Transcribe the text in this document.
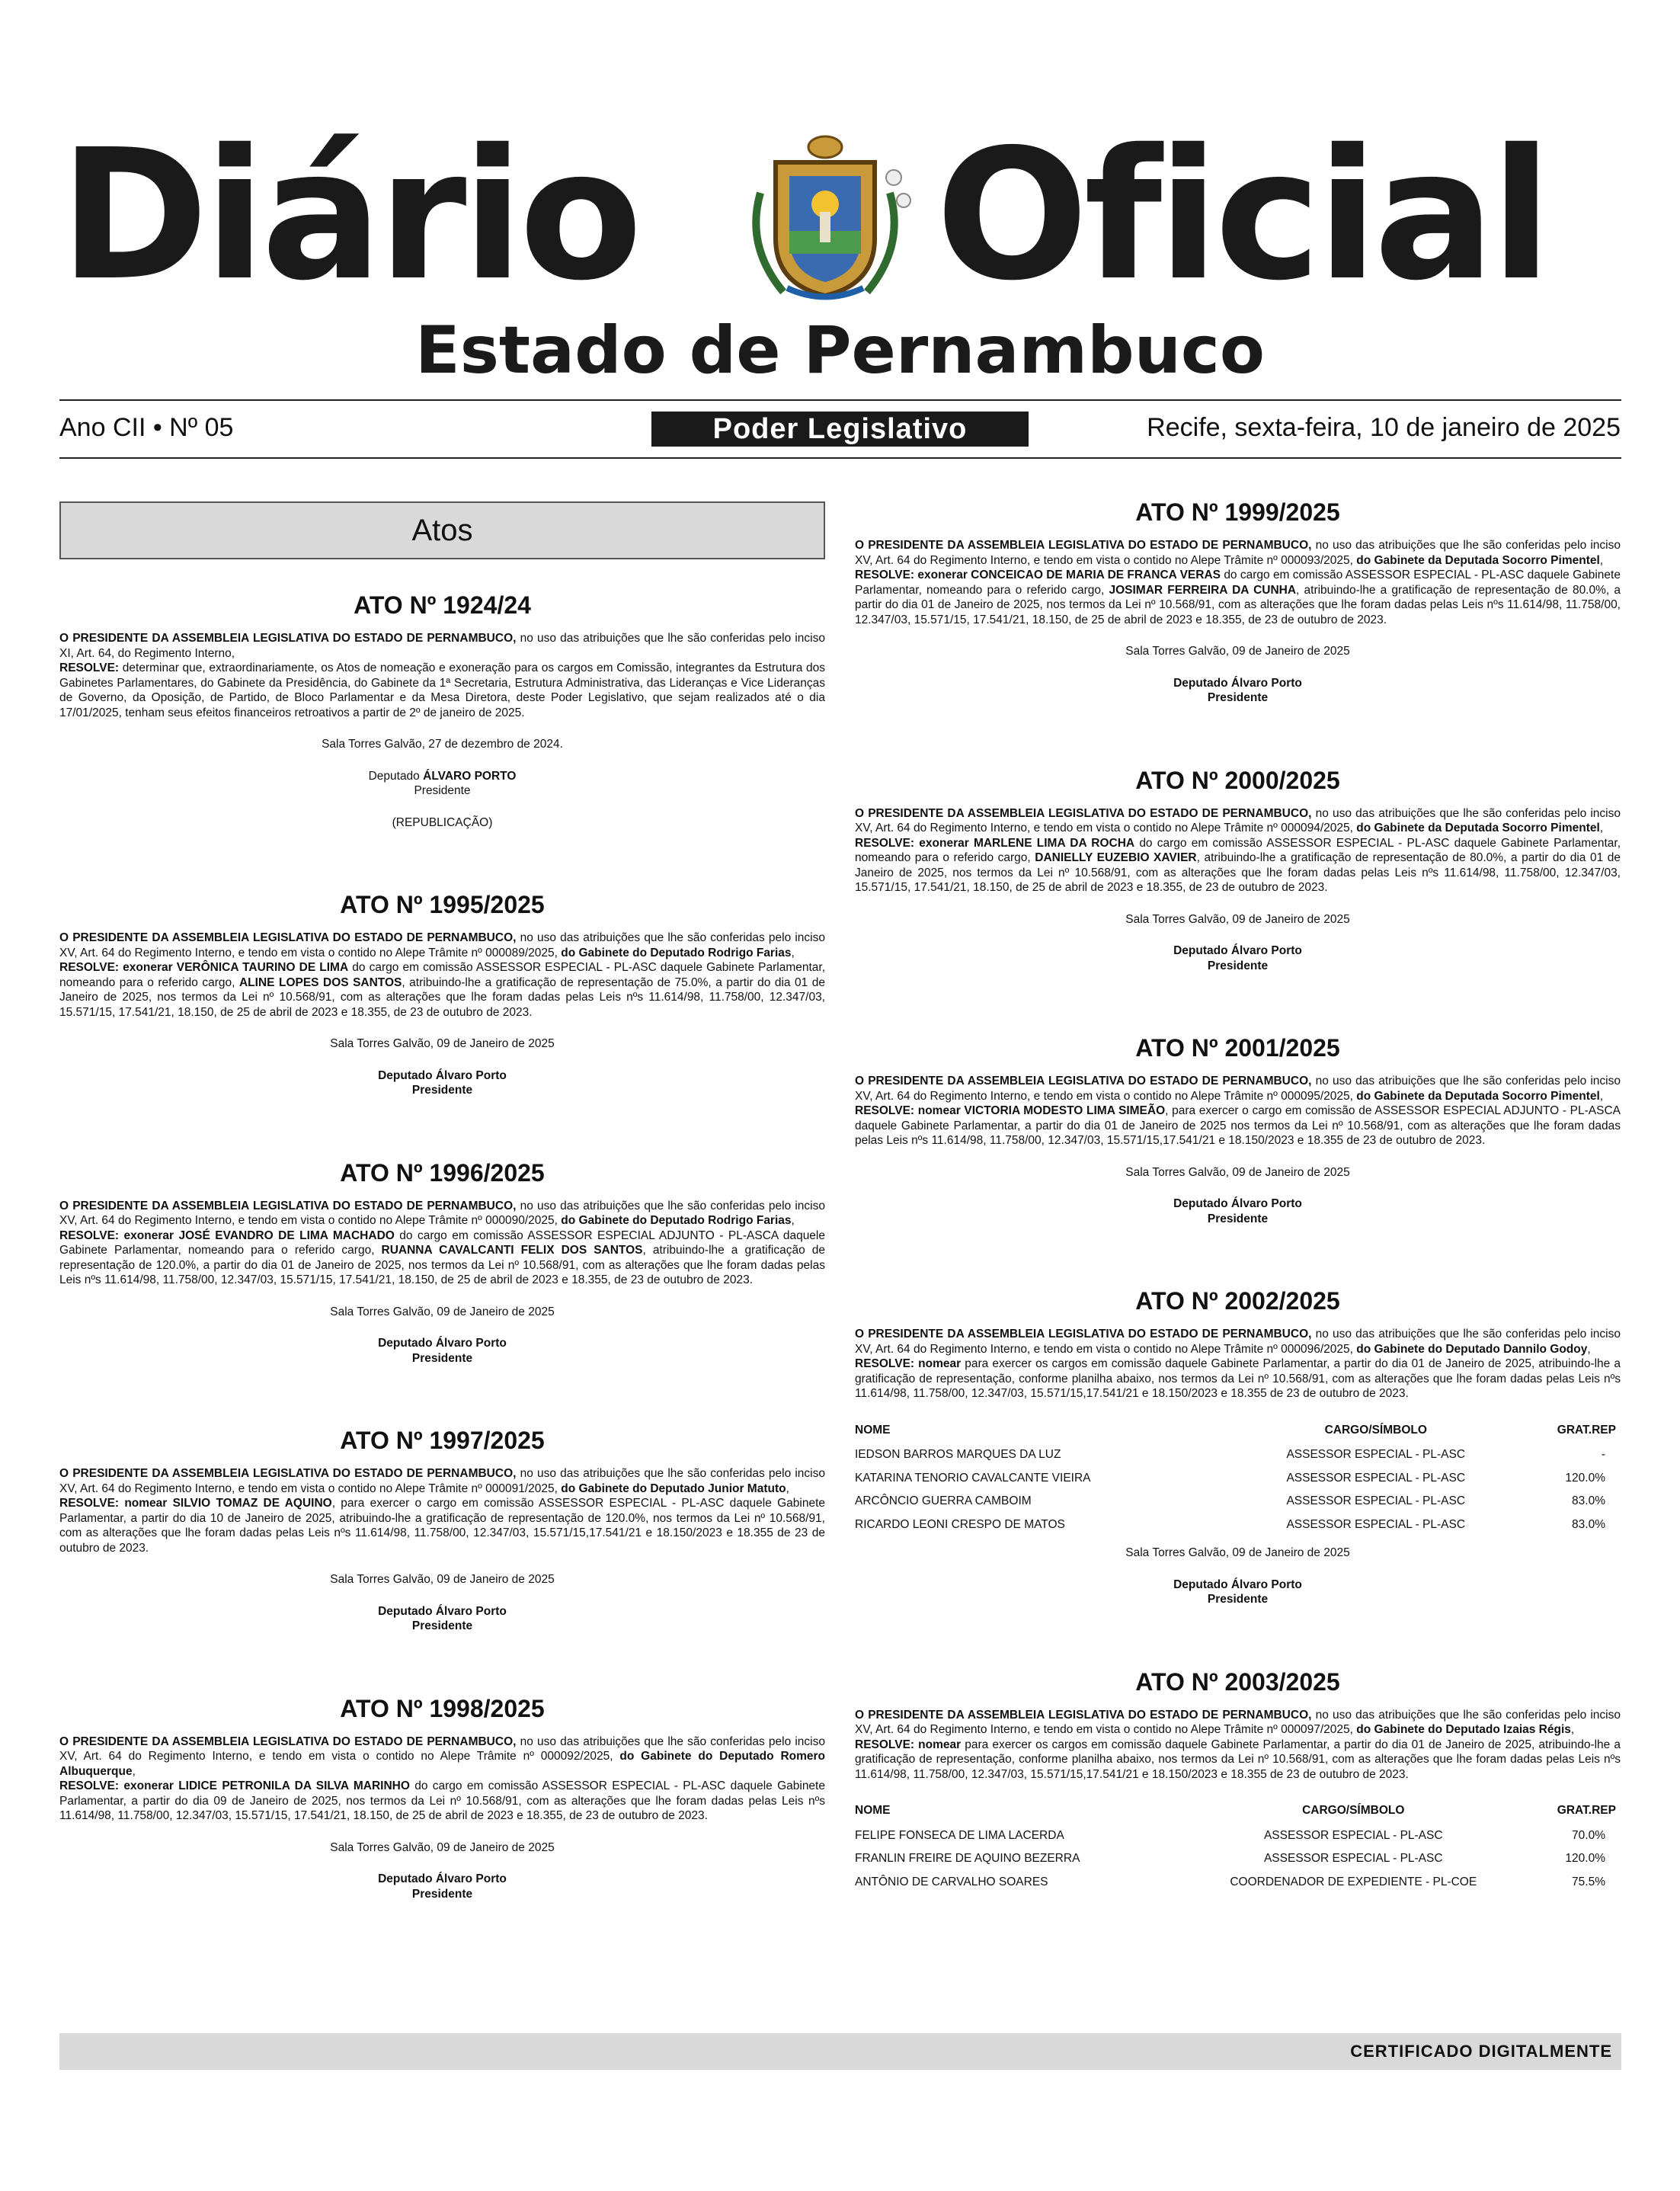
Diário Oficial
Estado de Pernambuco
Ano CII • Nº 05	Poder Legislativo	Recife, sexta-feira, 10 de janeiro de 2025
Atos
ATO Nº 1924/24

O PRESIDENTE DA ASSEMBLEIA LEGISLATIVA DO ESTADO DE PERNAMBUCO, no uso das atribuições que lhe são conferidas pelo inciso XI, Art. 64, do Regimento Interno,
RESOLVE: determinar que, extraordinariamente, os Atos de nomeação e exoneração para os cargos em Comissão, integrantes da Estrutura dos Gabinetes Parlamentares, do Gabinete da Presidência, do Gabinete da 1ª Secretaria, Estrutura Administrativa, das Lideranças e Vice Lideranças de Governo, da Oposição, de Partido, de Bloco Parlamentar e da Mesa Diretora, deste Poder Legislativo, que sejam realizados até o dia 17/01/2025, tenham seus efeitos financeiros retroativos a partir de 2º de janeiro de 2025.

Sala Torres Galvão, 27 de dezembro de 2024.

Deputado ÁLVARO PORTO
Presidente

(REPUBLICAÇÃO)

ATO Nº 1995/2025

O PRESIDENTE DA ASSEMBLEIA LEGISLATIVA DO ESTADO DE PERNAMBUCO, no uso das atribuições que lhe são conferidas pelo inciso XV, Art. 64 do Regimento Interno, e tendo em vista o contido no Alepe Trâmite nº 000089/2025, do Gabinete do Deputado Rodrigo Farias,
RESOLVE: exonerar VERÔNICA TAURINO DE LIMA do cargo em comissão ASSESSOR ESPECIAL - PL-ASC daquele Gabinete Parlamentar, nomeando para o referido cargo, ALINE LOPES DOS SANTOS, atribuindo-lhe a gratificação de representação de 75.0%, a partir do dia 01 de Janeiro de 2025, nos termos da Lei nº 10.568/91, com as alterações que lhe foram dadas pelas Leis nºs 11.614/98, 11.758/00, 12.347/03, 15.571/15, 17.541/21, 18.150, de 25 de abril de 2023 e 18.355, de 23 de outubro de 2023.

Sala Torres Galvão, 09 de Janeiro de 2025

Deputado Álvaro Porto
Presidente

ATO Nº 1996/2025

O PRESIDENTE DA ASSEMBLEIA LEGISLATIVA DO ESTADO DE PERNAMBUCO, no uso das atribuições que lhe são conferidas pelo inciso XV, Art. 64 do Regimento Interno, e tendo em vista o contido no Alepe Trâmite nº 000090/2025, do Gabinete do Deputado Rodrigo Farias,
RESOLVE: exonerar JOSÉ EVANDRO DE LIMA MACHADO do cargo em comissão ASSESSOR ESPECIAL ADJUNTO - PL-ASCA daquele Gabinete Parlamentar, nomeando para o referido cargo, RUANNA CAVALCANTI FELIX DOS SANTOS, atribuindo-lhe a gratificação de representação de 120.0%, a partir do dia 01 de Janeiro de 2025, nos termos da Lei nº 10.568/91, com as alterações que lhe foram dadas pelas Leis nºs 11.614/98, 11.758/00, 12.347/03, 15.571/15, 17.541/21, 18.150, de 25 de abril de 2023 e 18.355, de 23 de outubro de 2023.

Sala Torres Galvão, 09 de Janeiro de 2025

Deputado Álvaro Porto
Presidente

ATO Nº 1997/2025

O PRESIDENTE DA ASSEMBLEIA LEGISLATIVA DO ESTADO DE PERNAMBUCO, no uso das atribuições que lhe são conferidas pelo inciso XV, Art. 64 do Regimento Interno, e tendo em vista o contido no Alepe Trâmite nº 000091/2025, do Gabinete do Deputado Junior Matuto,
RESOLVE: nomear SILVIO TOMAZ DE AQUINO, para exercer o cargo em comissão ASSESSOR ESPECIAL - PL-ASC daquele Gabinete Parlamentar, a partir do dia 10 de Janeiro de 2025, atribuindo-lhe a gratificação de representação de 120.0%, nos termos da Lei nº 10.568/91, com as alterações que lhe foram dadas pelas Leis nºs 11.614/98, 11.758/00, 12.347/03, 15.571/15,17.541/21 e 18.150/2023 e 18.355 de 23 de outubro de 2023.

Sala Torres Galvão, 09 de Janeiro de 2025

Deputado Álvaro Porto
Presidente

ATO Nº 1998/2025

O PRESIDENTE DA ASSEMBLEIA LEGISLATIVA DO ESTADO DE PERNAMBUCO, no uso das atribuições que lhe são conferidas pelo inciso XV, Art. 64 do Regimento Interno, e tendo em vista o contido no Alepe Trâmite nº 000092/2025, do Gabinete do Deputado Romero Albuquerque,
RESOLVE: exonerar LIDICE PETRONILA DA SILVA MARINHO do cargo em comissão ASSESSOR ESPECIAL - PL-ASC daquele Gabinete Parlamentar, a partir do dia 09 de Janeiro de 2025, nos termos da Lei nº 10.568/91, com as alterações que lhe foram dadas pelas Leis nºs 11.614/98, 11.758/00, 12.347/03, 15.571/15, 17.541/21, 18.150, de 25 de abril de 2023 e 18.355, de 23 de outubro de 2023.

Sala Torres Galvão, 09 de Janeiro de 2025

Deputado Álvaro Porto
Presidente

ATO Nº 1999/2025

O PRESIDENTE DA ASSEMBLEIA LEGISLATIVA DO ESTADO DE PERNAMBUCO, no uso das atribuições que lhe são conferidas pelo inciso XV, Art. 64 do Regimento Interno, e tendo em vista o contido no Alepe Trâmite nº 000093/2025, do Gabinete da Deputada Socorro Pimentel,
RESOLVE: exonerar CONCEICAO DE MARIA DE FRANCA VERAS do cargo em comissão ASSESSOR ESPECIAL - PL-ASC daquele Gabinete Parlamentar, nomeando para o referido cargo, JOSIMAR FERREIRA DA CUNHA, atribuindo-lhe a gratificação de representação de 80.0%, a partir do dia 01 de Janeiro de 2025, nos termos da Lei nº 10.568/91, com as alterações que lhe foram dadas pelas Leis nºs 11.614/98, 11.758/00, 12.347/03, 15.571/15, 17.541/21, 18.150, de 25 de abril de 2023 e 18.355, de 23 de outubro de 2023.

Sala Torres Galvão, 09 de Janeiro de 2025

Deputado Álvaro Porto
Presidente

ATO Nº 2000/2025

O PRESIDENTE DA ASSEMBLEIA LEGISLATIVA DO ESTADO DE PERNAMBUCO, no uso das atribuições que lhe são conferidas pelo inciso XV, Art. 64 do Regimento Interno, e tendo em vista o contido no Alepe Trâmite nº 000094/2025, do Gabinete da Deputada Socorro Pimentel,
RESOLVE: exonerar MARLENE LIMA DA ROCHA do cargo em comissão ASSESSOR ESPECIAL - PL-ASC daquele Gabinete Parlamentar, nomeando para o referido cargo, DANIELLY EUZEBIO XAVIER, atribuindo-lhe a gratificação de representação de 80.0%, a partir do dia 01 de Janeiro de 2025, nos termos da Lei nº 10.568/91, com as alterações que lhe foram dadas pelas Leis nºs 11.614/98, 11.758/00, 12.347/03, 15.571/15, 17.541/21, 18.150, de 25 de abril de 2023 e 18.355, de 23 de outubro de 2023.

Sala Torres Galvão, 09 de Janeiro de 2025

Deputado Álvaro Porto
Presidente

ATO Nº 2001/2025

O PRESIDENTE DA ASSEMBLEIA LEGISLATIVA DO ESTADO DE PERNAMBUCO, no uso das atribuições que lhe são conferidas pelo inciso XV, Art. 64 do Regimento Interno, e tendo em vista o contido no Alepe Trâmite nº 000095/2025, do Gabinete da Deputada Socorro Pimentel,
RESOLVE: nomear VICTORIA MODESTO LIMA SIMEÃO, para exercer o cargo em comissão de ASSESSOR ESPECIAL ADJUNTO - PL-ASCA daquele Gabinete Parlamentar, a partir do dia 01 de Janeiro de 2025 nos termos da Lei nº 10.568/91, com as alterações que lhe foram dadas pelas Leis nºs 11.614/98, 11.758/00, 12.347/03, 15.571/15,17.541/21 e 18.150/2023 e 18.355 de 23 de outubro de 2023.

Sala Torres Galvão, 09 de Janeiro de 2025

Deputado Álvaro Porto
Presidente

ATO Nº 2002/2025

O PRESIDENTE DA ASSEMBLEIA LEGISLATIVA DO ESTADO DE PERNAMBUCO, no uso das atribuições que lhe são conferidas pelo inciso XV, Art. 64 do Regimento Interno, e tendo em vista o contido no Alepe Trâmite nº 000096/2025, do Gabinete do Deputado Dannilo Godoy,
RESOLVE: nomear para exercer os cargos em comissão daquele Gabinete Parlamentar, a partir do dia 01 de Janeiro de 2025, atribuindo-lhe a gratificação de representação, conforme planilha abaixo, nos termos da Lei nº 10.568/91, com as alterações que lhe foram dadas pelas Leis nºs 11.614/98, 11.758/00, 12.347/03, 15.571/15,17.541/21 e 18.150/2023 e 18.355 de 23 de outubro de 2023.

NOME	CARGO/SÍMBOLO	GRAT.REP
IEDSON BARROS MARQUES DA LUZ	ASSESSOR ESPECIAL - PL-ASC	-
KATARINA TENORIO CAVALCANTE VIEIRA	ASSESSOR ESPECIAL - PL-ASC	120.0%
ARCÔNCIO GUERRA CAMBOIM	ASSESSOR ESPECIAL - PL-ASC	83.0%
RICARDO LEONI CRESPO DE MATOS	ASSESSOR ESPECIAL - PL-ASC	83.0%

Sala Torres Galvão, 09 de Janeiro de 2025

Deputado Álvaro Porto
Presidente

ATO Nº 2003/2025

O PRESIDENTE DA ASSEMBLEIA LEGISLATIVA DO ESTADO DE PERNAMBUCO, no uso das atribuições que lhe são conferidas pelo inciso XV, Art. 64 do Regimento Interno, e tendo em vista o contido no Alepe Trâmite nº 000097/2025, do Gabinete do Deputado Izaias Régis,
RESOLVE: nomear para exercer os cargos em comissão daquele Gabinete Parlamentar, a partir do dia 01 de Janeiro de 2025, atribuindo-lhe a gratificação de representação, conforme planilha abaixo, nos termos da Lei nº 10.568/91, com as alterações que lhe foram dadas pelas Leis nºs 11.614/98, 11.758/00, 12.347/03, 15.571/15,17.541/21 e 18.150/2023 e 18.355 de 23 de outubro de 2023.

NOME	CARGO/SÍMBOLO	GRAT.REP
FELIPE FONSECA DE LIMA LACERDA	ASSESSOR ESPECIAL - PL-ASC	70.0%
FRANLIN FREIRE DE AQUINO BEZERRA	ASSESSOR ESPECIAL - PL-ASC	120.0%
ANTÔNIO DE CARVALHO SOARES	COORDENADOR DE EXPEDIENTE - PL-COE	75.5%
CERTIFICADO DIGITALMENTE
